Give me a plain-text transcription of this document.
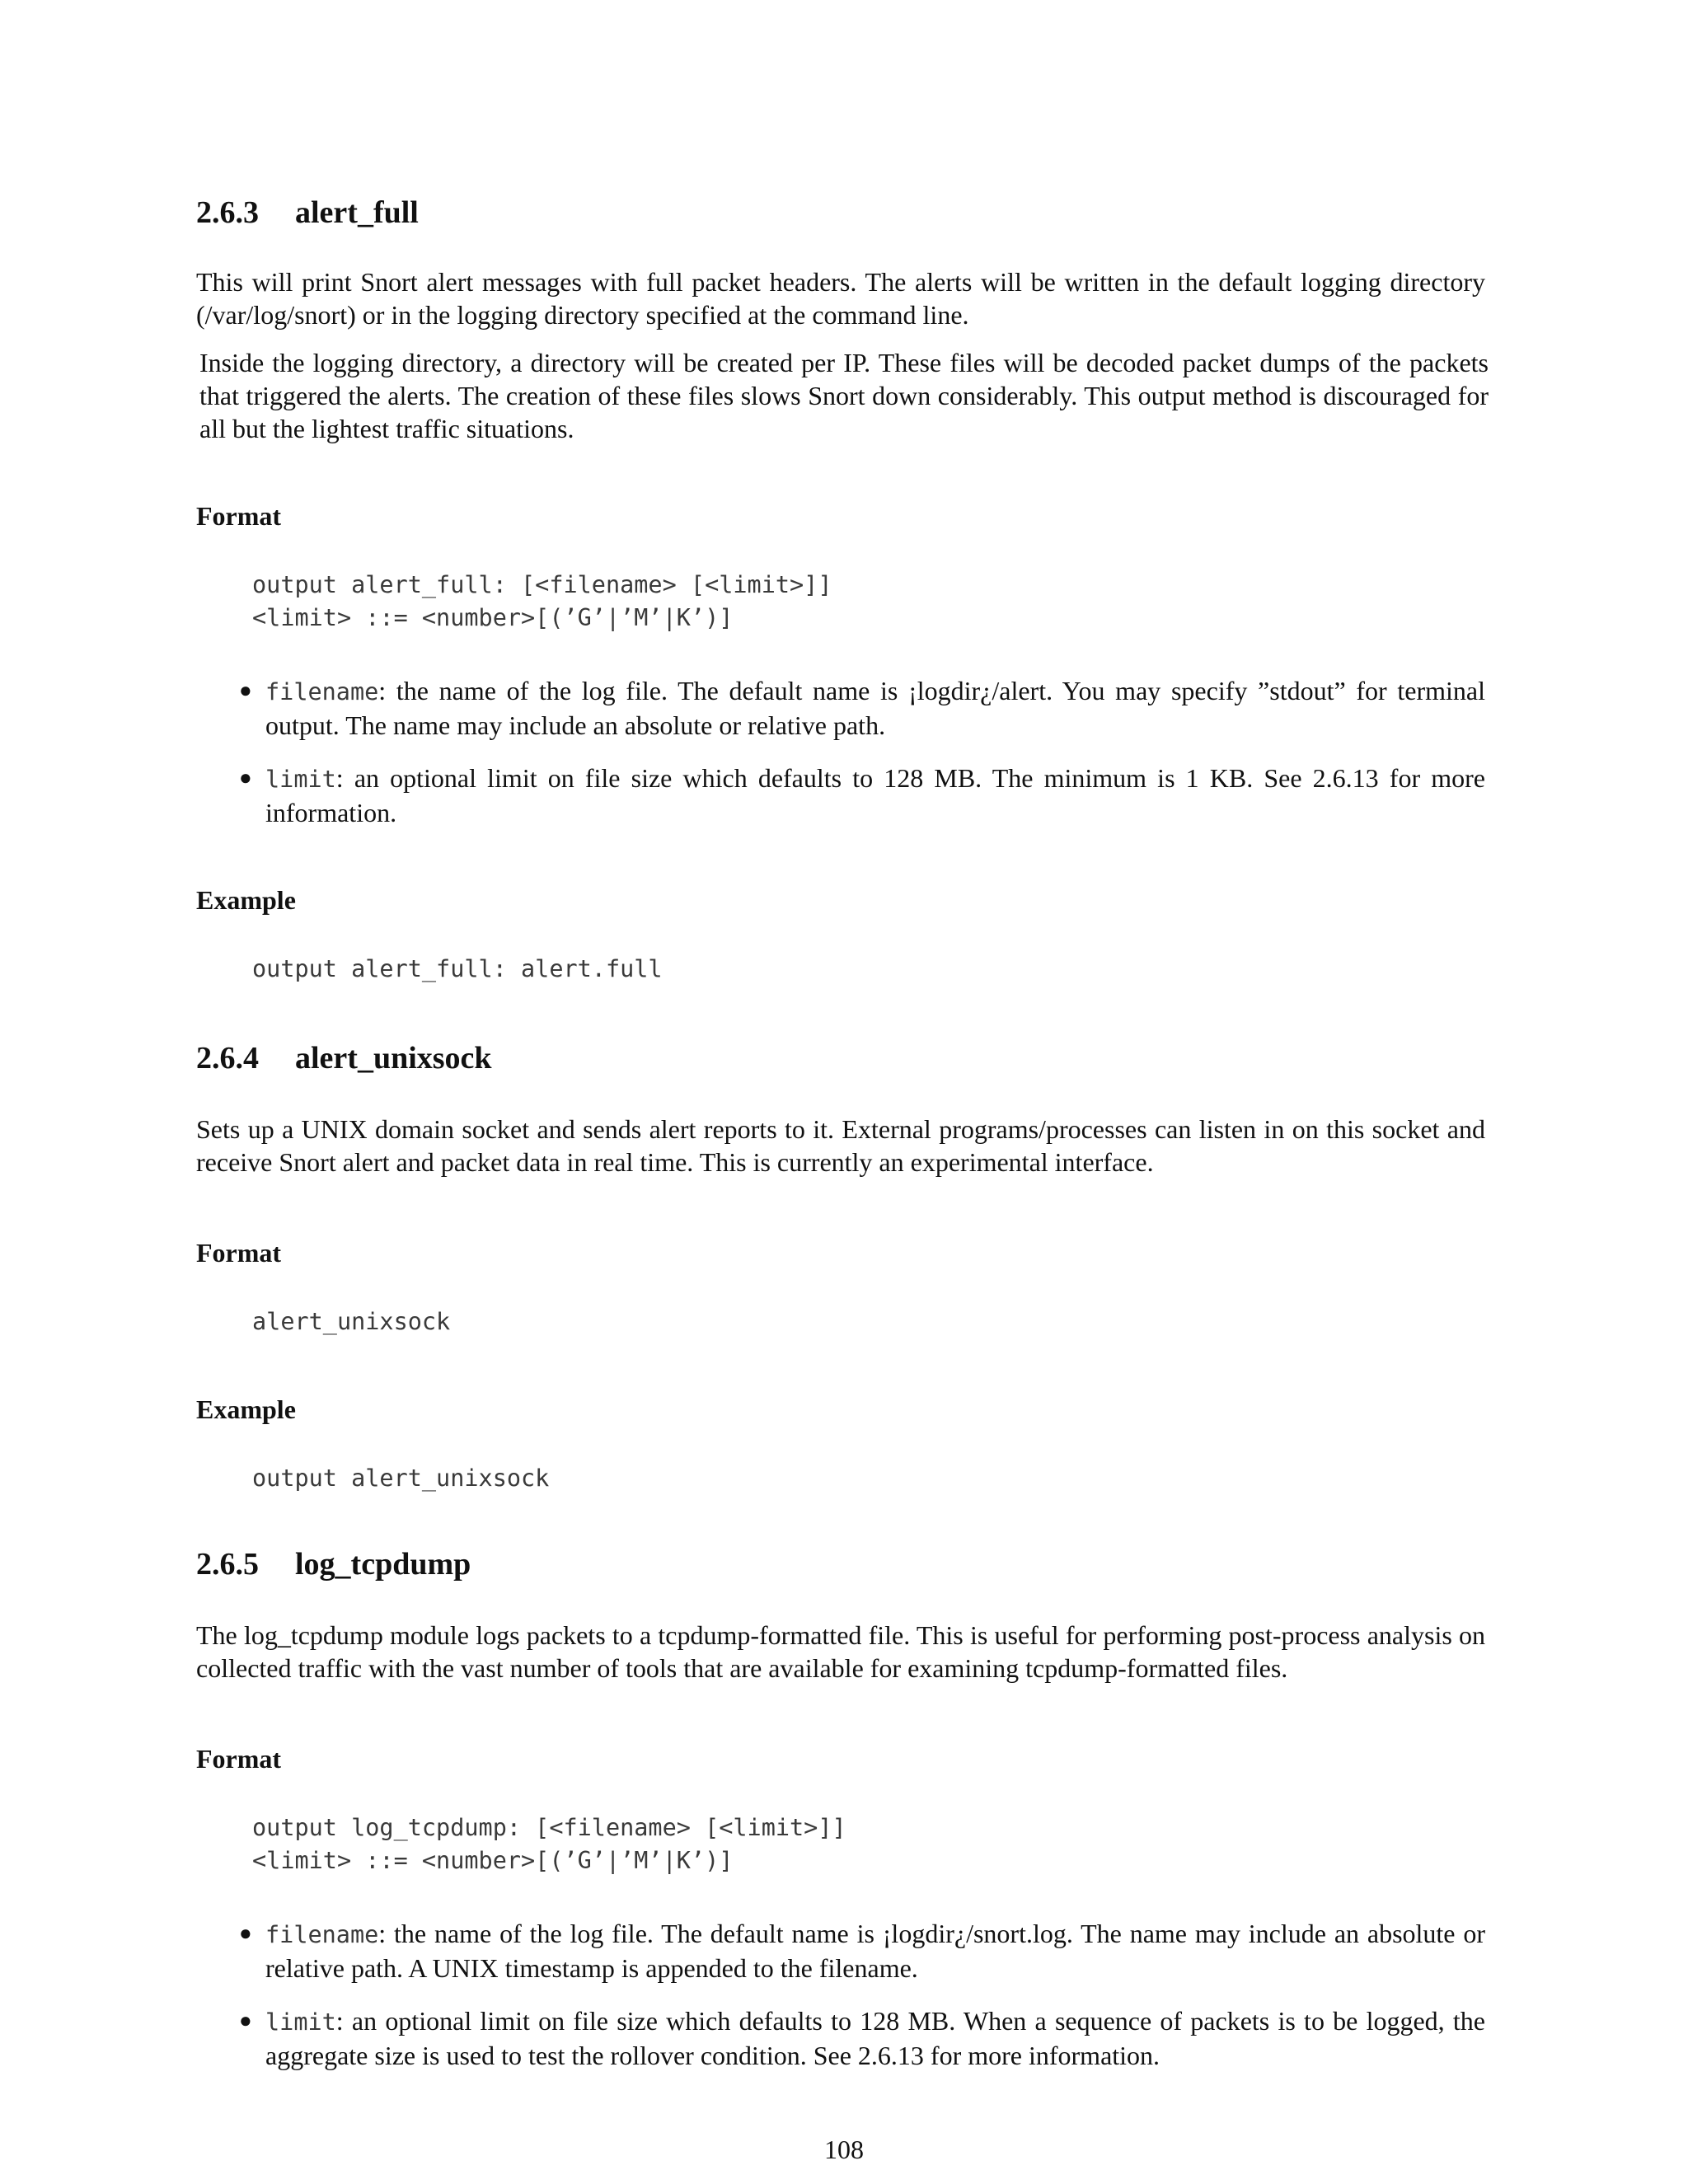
2.6.3 alert_full

This will print Snort alert messages with full packet headers. The alerts will be written in the default logging directory (/var/log/snort) or in the logging directory specified at the command line.

Inside the logging directory, a directory will be created per IP. These files will be decoded packet dumps of the packets that triggered the alerts. The creation of these files slows Snort down considerably. This output method is discouraged for all but the lightest traffic situations.

Format
output alert_full: [<filename> [<limit>]]
<limit> ::= <number>[(’G’|’M’|K’)]
● filename: the name of the log file. The default name is ¡logdir¿/alert. You may specify ”stdout” for terminal output. The name may include an absolute or relative path.
● limit: an optional limit on file size which defaults to 128 MB. The minimum is 1 KB. See 2.6.13 for more information.
Example
output alert_full: alert.full
2.6.4 alert_unixsock

Sets up a UNIX domain socket and sends alert reports to it. External programs/processes can listen in on this socket and receive Snort alert and packet data in real time. This is currently an experimental interface.

Format
alert_unixsock
Example
output alert_unixsock
2.6.5 log_tcpdump

The log_tcpdump module logs packets to a tcpdump-formatted file. This is useful for performing post-process analysis on collected traffic with the vast number of tools that are available for examining tcpdump-formatted files.

Format
output log_tcpdump: [<filename> [<limit>]]
<limit> ::= <number>[(’G’|’M’|K’)]
● filename: the name of the log file. The default name is ¡logdir¿/snort.log. The name may include an absolute or relative path. A UNIX timestamp is appended to the filename.
● limit: an optional limit on file size which defaults to 128 MB. When a sequence of packets is to be logged, the aggregate size is used to test the rollover condition. See 2.6.13 for more information.

108
